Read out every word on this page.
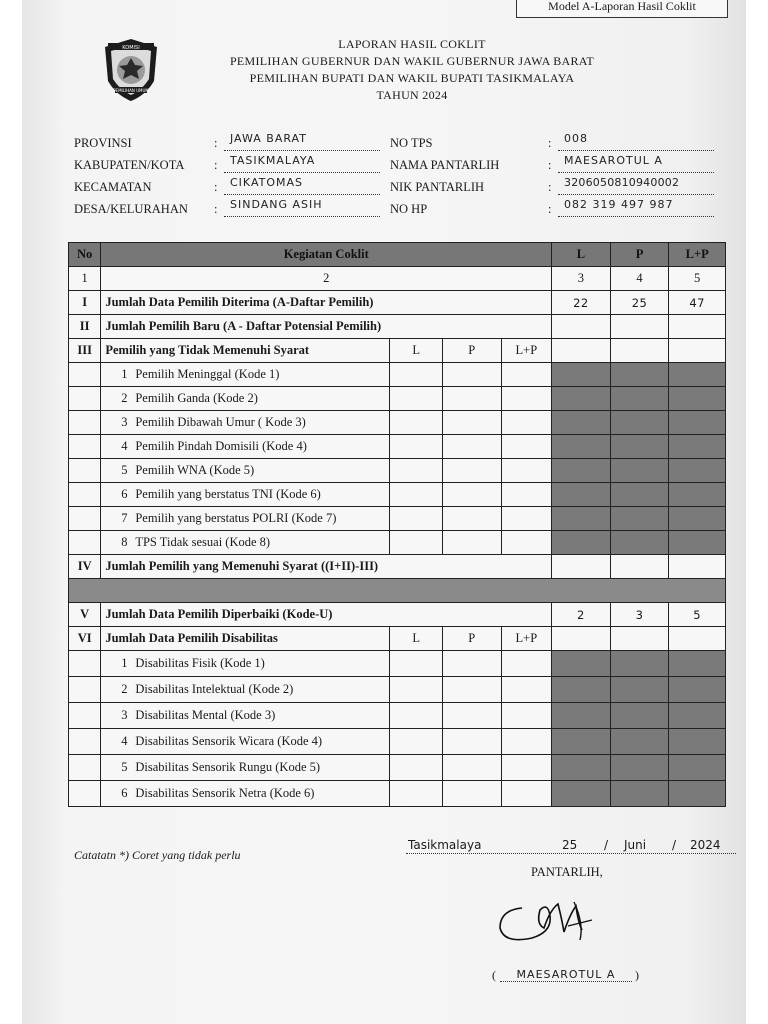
Model A-Laporan Hasil Coklit
KOMISI
PEMILIHAN UMUM
LAPORAN HASIL COKLIT
PEMILIHAN GUBERNUR DAN WAKIL GUBERNUR JAWA BARAT
PEMILIHAN BUPATI DAN WAKIL BUPATI TASIKMALAYA
TAHUN 2024
PROVINSI	:	JAWA BARAT
KABUPATEN/KOTA :	TASIKMALAYA
KECAMATAN	:	CIKATOMAS
DESA/KELURAHAN :	SINDANG ASIH
NO TPS	:	008
NAMA PANTARLIH	:	MAESAROTUL A
NIK PANTARLIH	:	3206050810940002
NO HP	:	082 319 497 987
No	Kegiatan Coklit				L	P	L+P
1	2				3	4	5
I	Jumlah Data Pemilih Diterima (A-Daftar Pemilih)				22	25	47
II	Jumlah Pemilih Baru (A - Daftar Potensial Pemilih)						
III	Pemilih yang Tidak Memenuhi Syarat	L	P	L+P			
	1 Pemilih Meninggal (Kode 1)						
	2 Pemilih Ganda (Kode 2)						
	3 Pemilih Dibawah Umur ( Kode 3)						
	4 Pemilih Pindah Domisili (Kode 4)						
	5 Pemilih WNA (Kode 5)						
	6 Pemilih yang berstatus TNI (Kode 6)						
	7 Pemilih yang berstatus POLRI (Kode 7)						
	8 TPS Tidak sesuai (Kode 8)						
IV	Jumlah Pemilih yang Memenuhi Syarat ((I+II)-III)						

V	Jumlah Data Pemilih Diperbaiki (Kode-U)				2	3	5
VI	Jumlah Data Pemilih Disabilitas	L	P	L+P			
	1 Disabilitas Fisik (Kode 1)						
	2 Disabilitas Intelektual (Kode 2)						
	3 Disabilitas Mental (Kode 3)						
	4 Disabilitas Sensorik Wicara (Kode 4)						
	5 Disabilitas Sensorik Rungu (Kode 5)						
	6 Disabilitas Sensorik Netra (Kode 6)						
Catatatn *) Coret yang tidak perlu
Tasikmalaya	25 / Juni / 2024
PANTARLIH,
(	MAESAROTUL A	)
